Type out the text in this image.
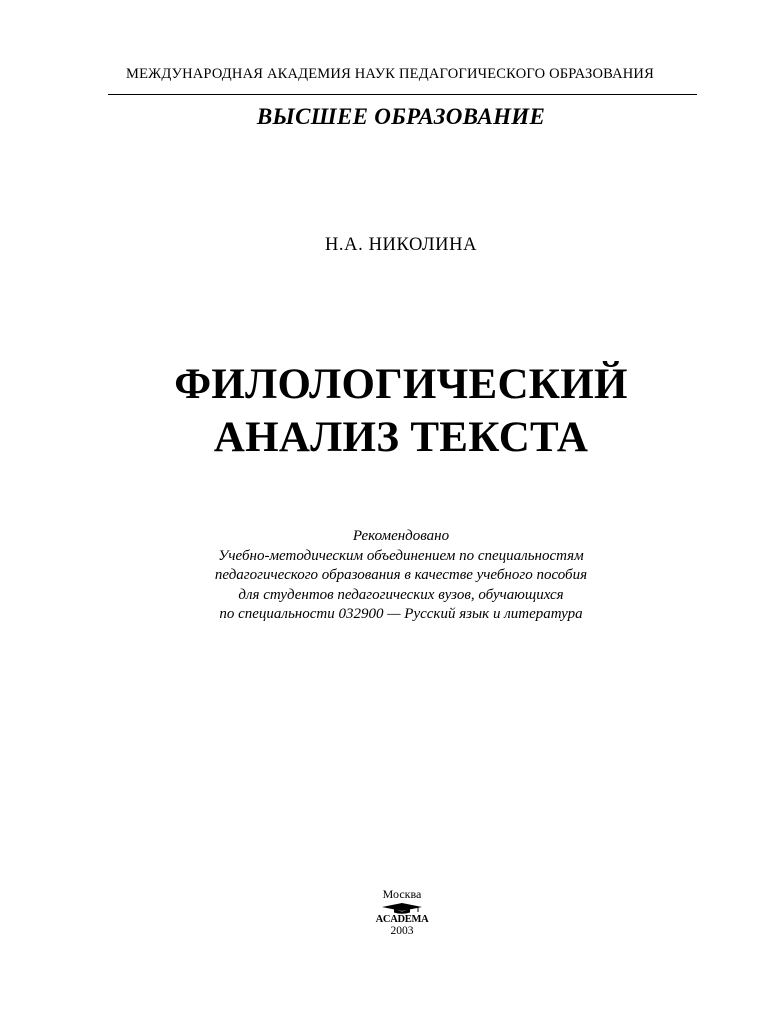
МЕЖДУНАРОДНАЯ АКАДЕМИЯ НАУК ПЕДАГОГИЧЕСКОГО ОБРАЗОВАНИЯ
ВЫСШЕЕ ОБРАЗОВАНИЕ
Н.А. НИКОЛИНА
ФИЛОЛОГИЧЕСКИЙ
АНАЛИЗ ТЕКСТА
Рекомендовано
Учебно-методическим объединением по специальностям
педагогического образования в качестве учебного пособия
для студентов педагогических вузов, обучающихся
по специальности 032900 — Русский язык и литература
Москва
ACADEMA
2003
